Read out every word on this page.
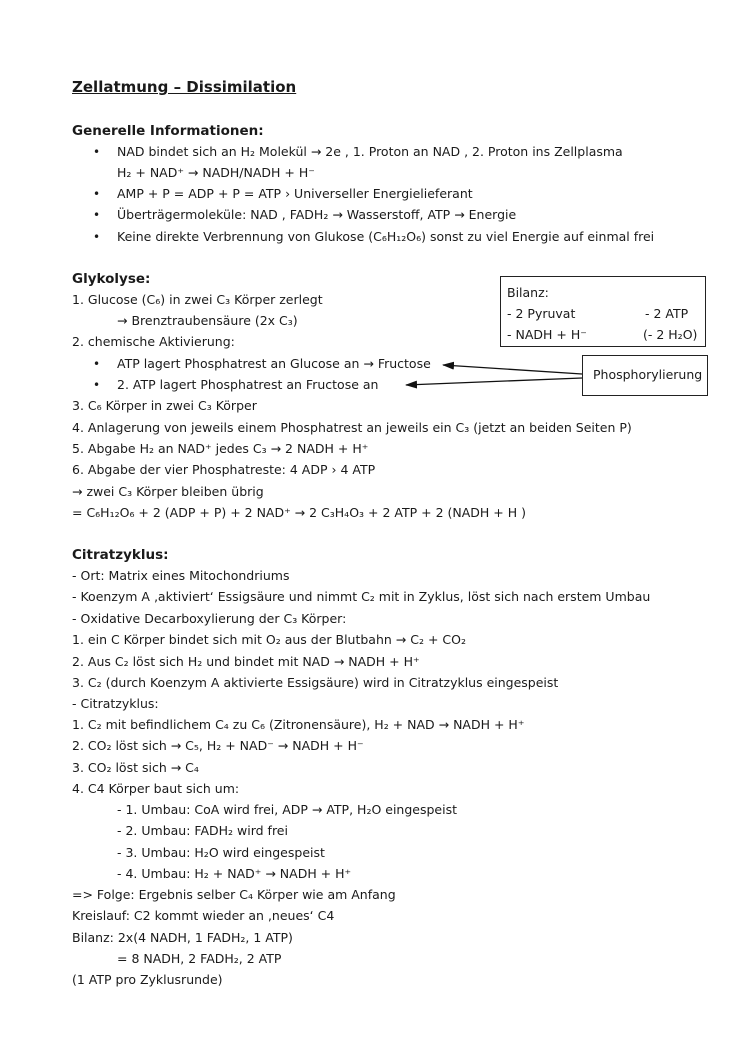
Zellatmung – Dissimilation
Generelle Informationen:
• NAD bindet sich an H₂ Molekül → 2e , 1. Proton an NAD , 2. Proton ins Zellplasma
H₂ + NAD⁺ → NADH/NADH + H⁻
• AMP + P = ADP + P = ATP › Universeller Energielieferant
• Überträgermoleküle: NAD , FADH₂ → Wasserstoff, ATP → Energie
• Keine direkte Verbrennung von Glukose (C₆H₁₂O₆) sonst zu viel Energie auf einmal frei
Glykolyse:
1. Glucose (C₆) in zwei C₃ Körper zerlegt
→ Brenztraubensäure (2x C₃)
2. chemische Aktivierung:
• ATP lagert Phosphatrest an Glucose an → Fructose
• 2. ATP lagert Phosphatrest an Fructose an
3. C₆ Körper in zwei C₃ Körper
4. Anlagerung von jeweils einem Phosphatrest an jeweils ein C₃ (jetzt an beiden Seiten P)
5. Abgabe H₂ an NAD⁺ jedes C₃ → 2 NADH + H⁺
6. Abgabe der vier Phosphatreste: 4 ADP › 4 ATP
→ zwei C₃ Körper bleiben übrig
= C₆H₁₂O₆ + 2 (ADP + P) + 2 NAD⁺ → 2 C₃H₄O₃ + 2 ATP + 2 (NADH + H )
Bilanz:
- 2 Pyruvat	- 2 ATP
- NADH + H⁻	(- 2 H₂O)
Phosphorylierung
Citratzyklus:
- Ort: Matrix eines Mitochondriums
- Koenzym A ‚aktiviert‘ Essigsäure und nimmt C₂ mit in Zyklus, löst sich nach erstem Umbau
- Oxidative Decarboxylierung der C₃ Körper:
1. ein C Körper bindet sich mit O₂ aus der Blutbahn → C₂ + CO₂
2. Aus C₂ löst sich H₂ und bindet mit NAD → NADH + H⁺
3. C₂ (durch Koenzym A aktivierte Essigsäure) wird in Citratzyklus eingespeist
- Citratzyklus:
1. C₂ mit befindlichem C₄ zu C₆ (Zitronensäure), H₂ + NAD → NADH + H⁺
2. CO₂ löst sich → C₅, H₂ + NAD⁻ → NADH + H⁻
3. CO₂ löst sich → C₄
4. C4 Körper baut sich um:
- 1. Umbau: CoA wird frei, ADP → ATP, H₂O eingespeist
- 2. Umbau: FADH₂ wird frei
- 3. Umbau: H₂O wird eingespeist
- 4. Umbau: H₂ + NAD⁺ → NADH + H⁺
=> Folge: Ergebnis selber C₄ Körper wie am Anfang
Kreislauf: C2 kommt wieder an ‚neues‘ C4
Bilanz: 2x(4 NADH, 1 FADH₂, 1 ATP)
= 8 NADH, 2 FADH₂, 2 ATP
(1 ATP pro Zyklusrunde)
